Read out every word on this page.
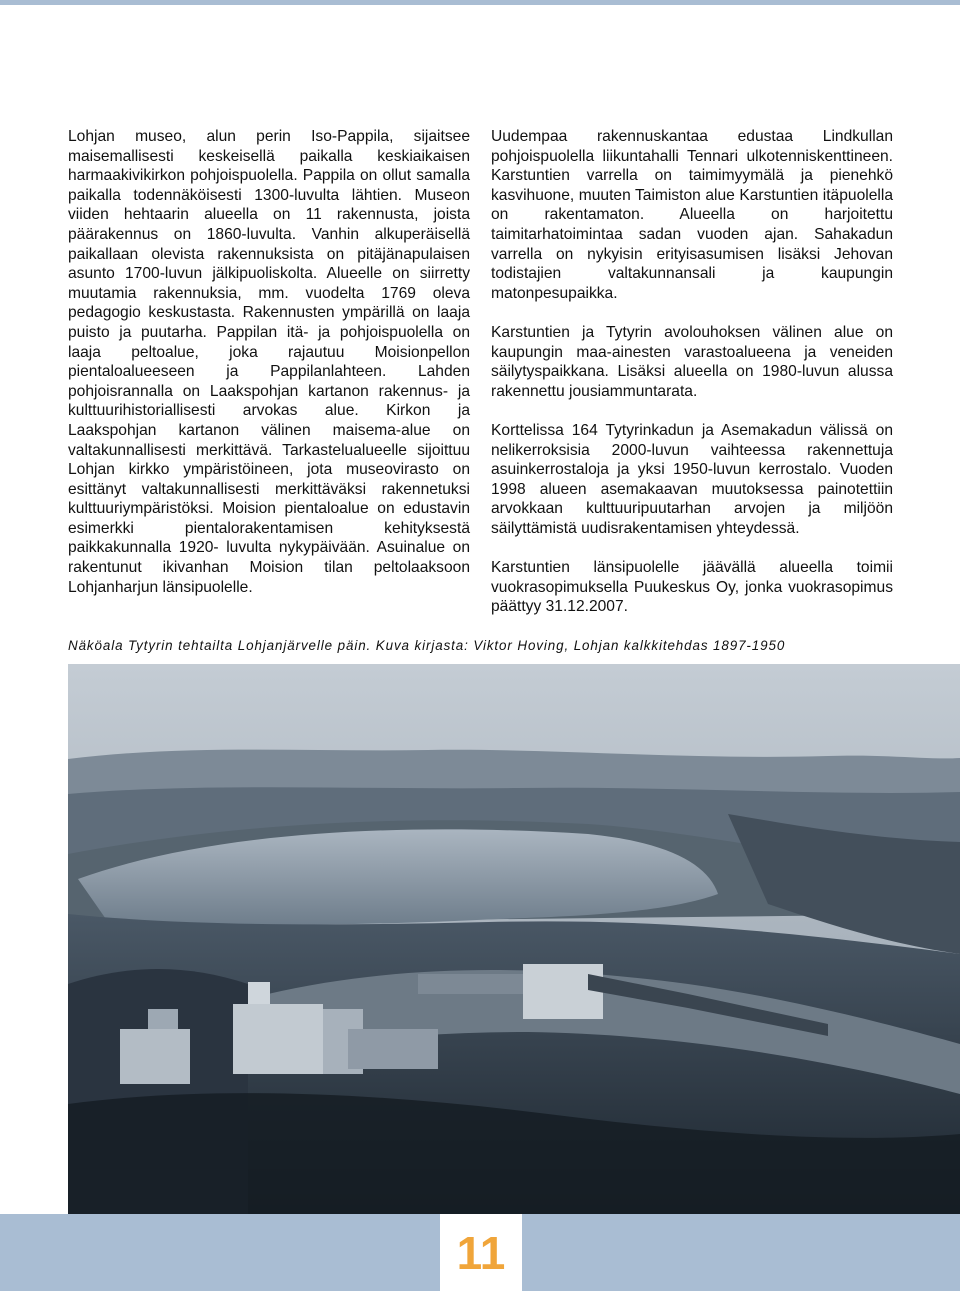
Lohjan museo, alun perin Iso-Pappila, sijaitsee maisemallisesti keskeisellä paikalla keskiaikaisen harmaakivikirkon pohjoispuolella. Pappila on ollut samalla paikalla todennäköisesti 1300-luvulta lähtien. Museon viiden hehtaarin alueella on 11 rakennusta, joista päärakennus on 1860-luvulta. Vanhin alkuperäisellä paikallaan olevista rakennuksista on pitäjänapulaisen asunto 1700-luvun jälkipuoliskolta. Alueelle on siirretty muutamia rakennuksia, mm. vuodelta 1769 oleva pedagogio keskustasta. Rakennusten ympärillä on laaja puisto ja puutarha. Pappilan itä- ja pohjoispuolella on laaja peltoalue, joka rajautuu Moisionpellon pientaloalueeseen ja Pappilanlahteen. Lahden pohjoisrannalla on Laakspohjan kartanon rakennus- ja kulttuurihistoriallisesti arvokas alue. Kirkon ja Laakspohjan kartanon välinen maisema-alue on valtakunnallisesti merkittävä. Tarkastelualueelle sijoittuu Lohjan kirkko ympäristöineen, jota museovirasto on esittänyt valtakunnallisesti merkittäväksi rakennetuksi kulttuuriympäristöksi. Moision pientaloalue on edustavin esimerkki pientalorakentamisen kehityksestä paikkakunnalla 1920- luvulta nykypäivään. Asuinalue on rakentunut ikivanhan Moision tilan peltolaaksoon Lohjanharjun länsipuolelle.

Uudempaa rakennuskantaa edustaa Lindkullan pohjoispuolella liikuntahalli Tennari ulkotenniskenttineen. Karstuntien varrella on taimimyymälä ja pienehkö kasvihuone, muuten Taimiston alue Karstuntien itäpuolella on rakentamaton. Alueella on harjoitettu taimitarhatoimintaa sadan vuoden ajan. Sahakadun varrella on nykyisin erityisasumisen lisäksi Jehovan todistajien valtakunnansali ja kaupungin matonpesupaikka.

Karstuntien ja Tytyrin avolouhoksen välinen alue on kaupungin maa-ainesten varastoalueena ja veneiden säilytyspaikkana. Lisäksi alueella on 1980-luvun alussa rakennettu jousiammuntarata.

Korttelissa 164 Tytyrinkadun ja Asemakadun välissä on nelikerroksisia 2000-luvun vaihteessa rakennettuja asuinkerrostaloja ja yksi 1950-luvun kerrostalo. Vuoden 1998 alueen asemakaavan muutoksessa painotettiin arvokkaan kulttuuripuutarhan arvojen ja miljöön säilyttämistä uudisrakentamisen yhteydessä.

Karstuntien länsipuolelle jäävällä alueella toimii vuokrasopimuksella Puukeskus Oy, jonka vuokrasopimus päättyy 31.12.2007.

Näköala Tytyrin tehtailta Lohjanjärvelle päin. Kuva kirjasta: Viktor Hoving, Lohjan kalkkitehdas 1897-1950
11
